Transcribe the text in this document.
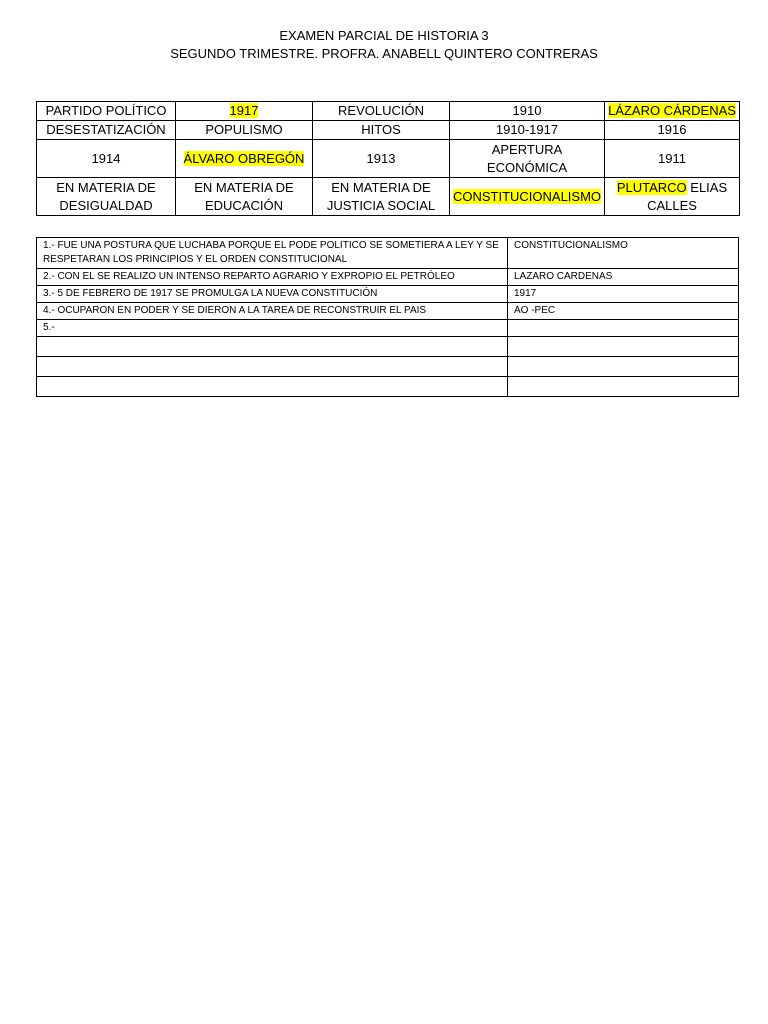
EXAMEN PARCIAL DE HISTORIA 3
SEGUNDO TRIMESTRE. PROFRA. ANABELL QUINTERO CONTRERAS
PARTIDO POLÍTICO	1917	REVOLUCIÓN	1910	LÁZARO CÁRDENAS
DESESTATIZACIÓN	POPULISMO	HITOS	1910-1917	1916
1914	ÁLVARO OBREGÓN	1913	APERTURA ECONÓMICA	1911
EN MATERIA DE DESIGUALDAD	EN MATERIA DE EDUCACIÓN	EN MATERIA DE JUSTICIA SOCIAL	CONSTITUCIONALISMO	PLUTARCO ELIAS CALLES
1.- FUE UNA POSTURA QUE LUCHABA PORQUE EL PODE POLITICO SE SOMETIERA A LEY Y SE RESPETARAN LOS PRINCIPIOS Y EL ORDEN CONSTITUCIONAL	CONSTITUCIONALISMO
2.- CON EL SE REALIZO UN INTENSO REPARTO AGRARIO Y EXPROPIO EL PETRÓLEO	LAZARO CARDENAS
3.- 5 DE FEBRERO DE 1917 SE PROMULGA LA NUEVA CONSTITUCIÓN	1917
4.- OCUPARON EN PODER Y SE DIERON A LA TAREA DE RECONSTRUIR EL PAIS	AO -PEC
5.-	
